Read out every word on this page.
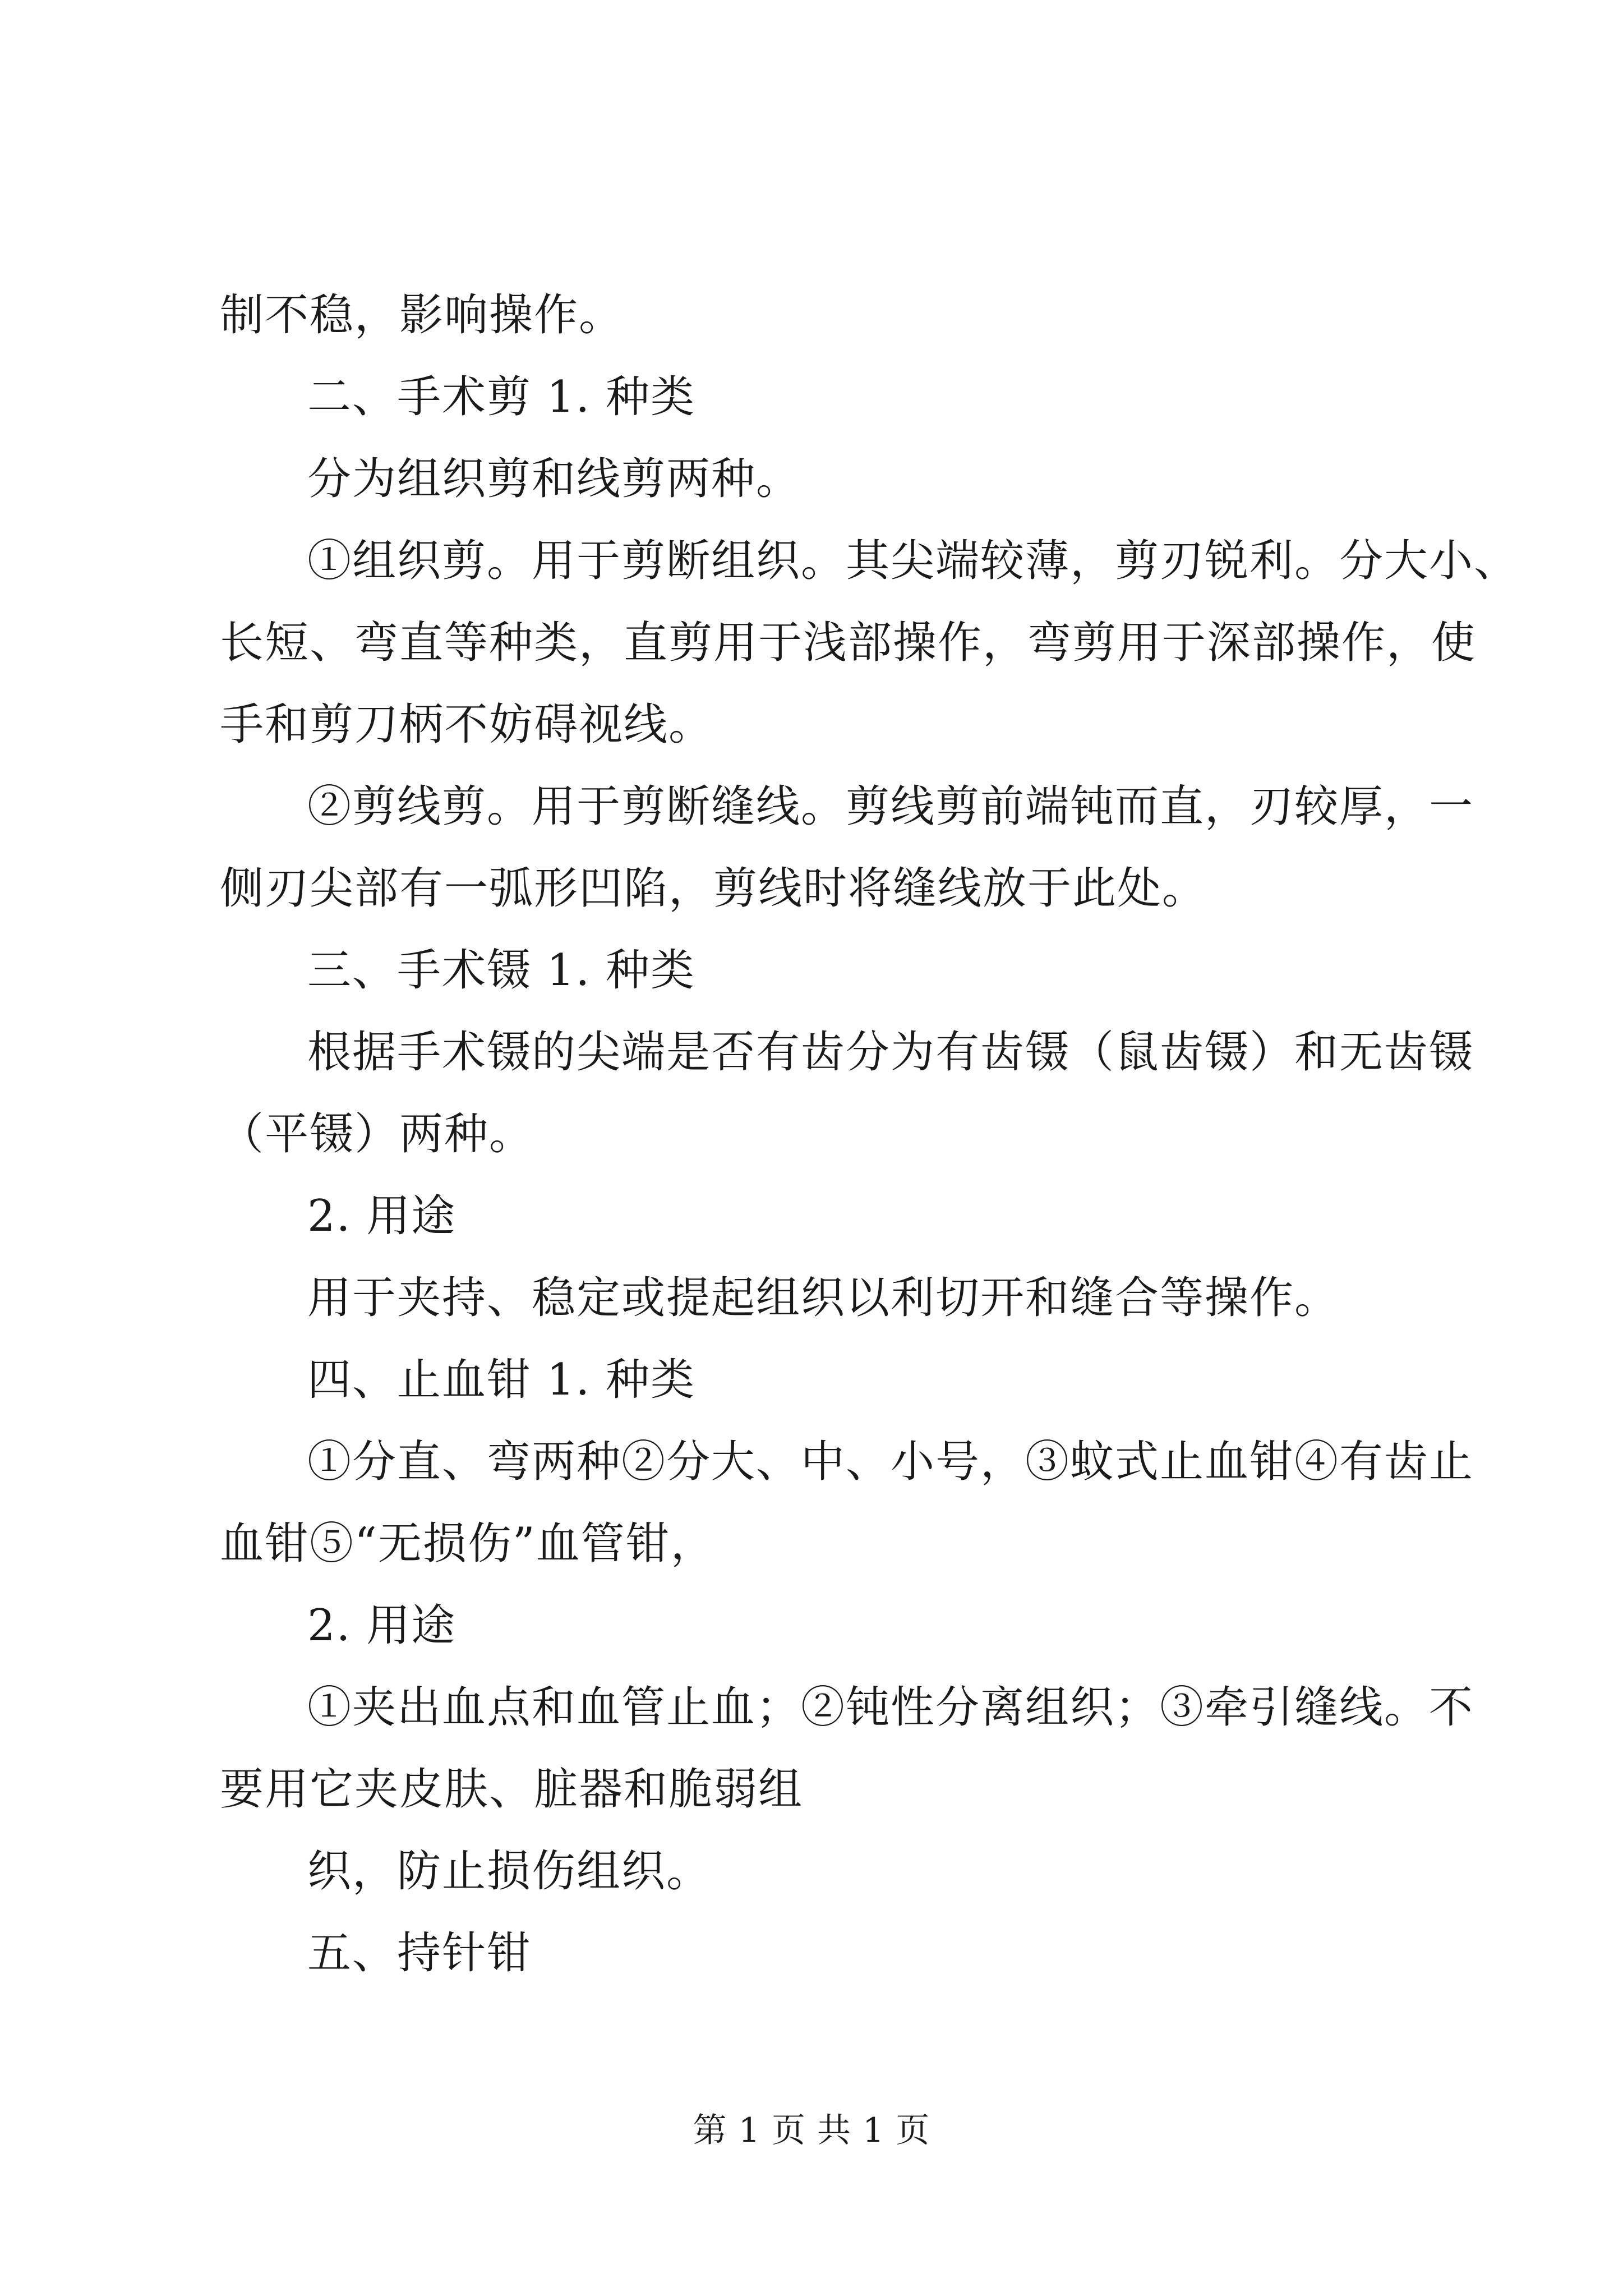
制不稳，影响操作。
二、手术剪 1. 种类
分为组织剪和线剪两种。
①组织剪。用于剪断组织。其尖端较薄，剪刃锐利。分大小、
长短、弯直等种类，直剪用于浅部操作，弯剪用于深部操作，使
手和剪刀柄不妨碍视线。
②剪线剪。用于剪断缝线。剪线剪前端钝而直，刃较厚，一
侧刃尖部有一弧形凹陷，剪线时将缝线放于此处。
三、手术镊 1. 种类
根据手术镊的尖端是否有齿分为有齿镊（鼠齿镊）和无齿镊
（平镊）两种。
2. 用途
用于夹持、稳定或提起组织以利切开和缝合等操作。
四、止血钳 1. 种类
①分直、弯两种②分大、中、小号，③蚊式止血钳④有齿止
血钳⑤“无损伤”血管钳，
2. 用途
①夹出血点和血管止血；②钝性分离组织；③牵引缝线。不
要用它夹皮肤、脏器和脆弱组
织，防止损伤组织。
五、持针钳
第 1 页 共 1 页
